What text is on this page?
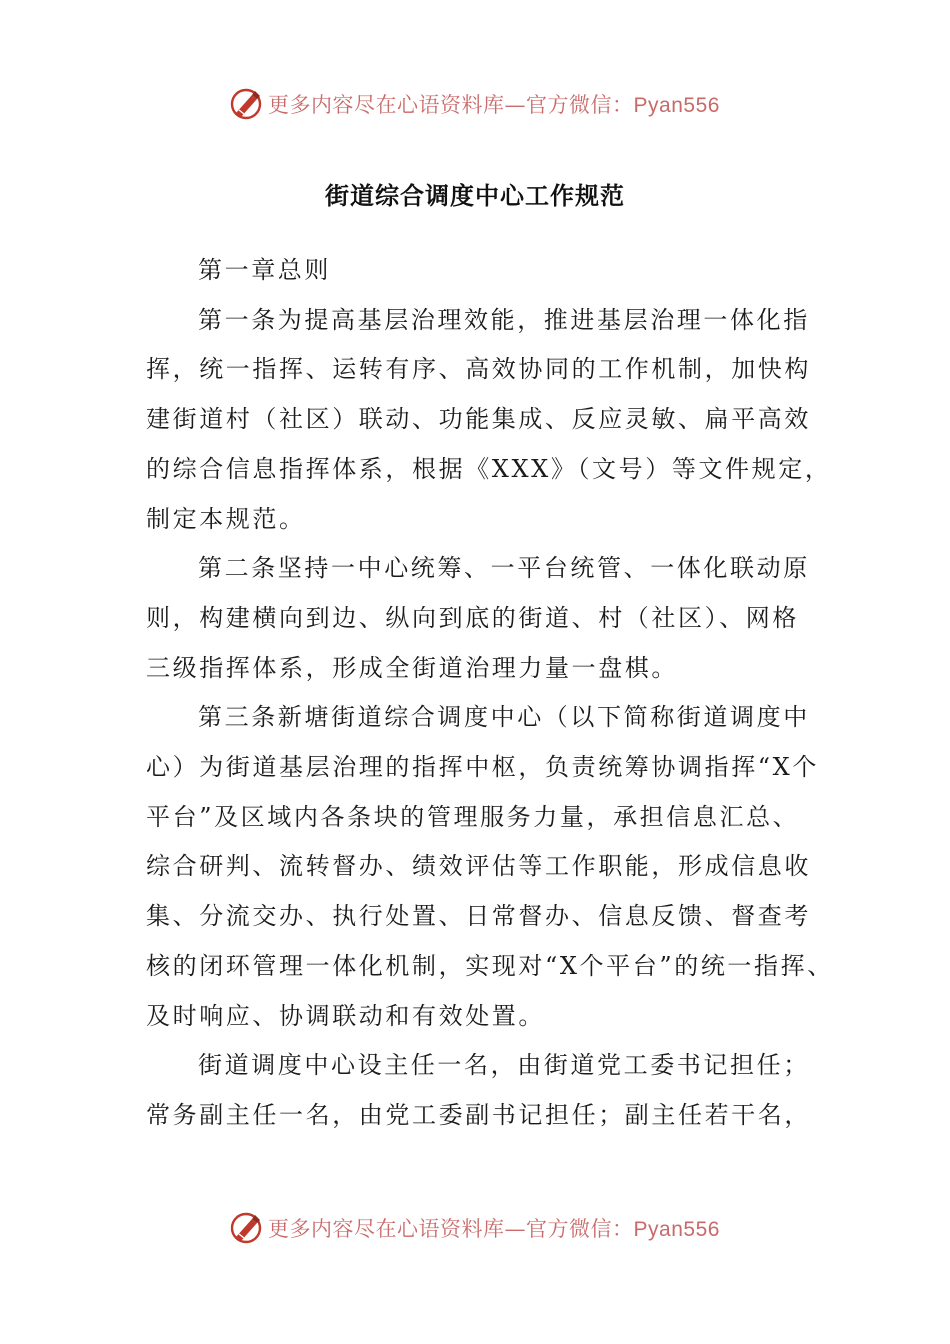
更多内容尽在心语资料库—官方微信：Pyan556
街道综合调度中心工作规范

第一章总则

第一条为提高基层治理效能，推进基层治理一体化指
挥，统一指挥、运转有序、高效协同的工作机制，加快构
建街道村（社区）联动、功能集成、反应灵敏、扁平高效
的综合信息指挥体系，根据《XXX》（文号）等文件规定，
制定本规范。

第二条坚持一中心统筹、一平台统管、一体化联动原
则，构建横向到边、纵向到底的街道、村（社区）、网格
三级指挥体系，形成全街道治理力量一盘棋。

第三条新塘街道综合调度中心（以下简称街道调度中
心）为街道基层治理的指挥中枢，负责统筹协调指挥“X个
平台”及区域内各条块的管理服务力量，承担信息汇总、
综合研判、流转督办、绩效评估等工作职能，形成信息收
集、分流交办、执行处置、日常督办、信息反馈、督查考
核的闭环管理一体化机制，实现对“X个平台”的统一指挥、
及时响应、协调联动和有效处置。

街道调度中心设主任一名，由街道党工委书记担任；
常务副主任一名，由党工委副书记担任；副主任若干名，

更多内容尽在心语资料库—官方微信：Pyan556
